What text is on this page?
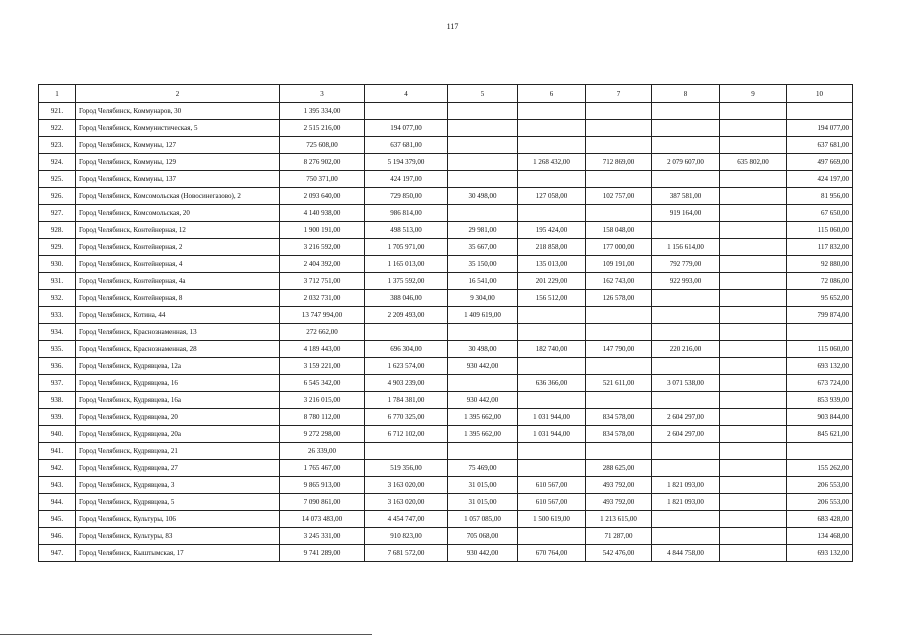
117
1	2	3	4	5	6	7	8	9	10
921.	Город Челябинск, Коммунаров, 30	1 395 334,00							
922.	Город Челябинск, Коммунистическая, 5	2 515 216,00	194 077,00						194 077,00
923.	Город Челябинск, Коммуны, 127	725 608,00	637 681,00						637 681,00
924.	Город Челябинск, Коммуны, 129	8 276 902,00	5 194 379,00		1 268 432,00	712 869,00	2 079 607,00	635 802,00	497 669,00
925.	Город Челябинск, Коммуны, 137	750 371,00	424 197,00						424 197,00
926.	Город Челябинск, Комсомольская (Новосинегазово), 2	2 093 640,00	729 850,00	30 498,00	127 058,00	102 757,00	387 581,00		81 956,00
927.	Город Челябинск, Комсомольская, 20	4 140 938,00	986 814,00				919 164,00		67 650,00
928.	Город Челябинск, Контейнерная, 12	1 900 191,00	498 513,00	29 981,00	195 424,00	158 048,00			115 060,00
929.	Город Челябинск, Контейнерная, 2	3 216 592,00	1 705 971,00	35 667,00	218 858,00	177 000,00	1 156 614,00		117 832,00
930.	Город Челябинск, Контейнерная, 4	2 404 392,00	1 165 013,00	35 150,00	135 013,00	109 191,00	792 779,00		92 880,00
931.	Город Челябинск, Контейнерная, 4а	3 712 751,00	1 375 592,00	16 541,00	201 229,00	162 743,00	922 993,00		72 086,00
932.	Город Челябинск, Контейнерная, 8	2 032 731,00	388 046,00	9 304,00	156 512,00	126 578,00			95 652,00
933.	Город Челябинск, Котина, 44	13 747 994,00	2 209 493,00	1 409 619,00					799 874,00
934.	Город Челябинск, Краснознаменная, 13	272 662,00							
935.	Город Челябинск, Краснознаменная, 28	4 189 443,00	696 304,00	30 498,00	182 740,00	147 790,00	220 216,00		115 060,00
936.	Город Челябинск, Кудрявцева, 12а	3 159 221,00	1 623 574,00	930 442,00					693 132,00
937.	Город Челябинск, Кудрявцева, 16	6 545 342,00	4 903 239,00		636 366,00	521 611,00	3 071 538,00		673 724,00
938.	Город Челябинск, Кудрявцева, 16а	3 216 015,00	1 784 381,00	930 442,00					853 939,00
939.	Город Челябинск, Кудрявцева, 20	8 780 112,00	6 770 325,00	1 395 662,00	1 031 944,00	834 578,00	2 604 297,00		903 844,00
940.	Город Челябинск, Кудрявцева, 20а	9 272 298,00	6 712 102,00	1 395 662,00	1 031 944,00	834 578,00	2 604 297,00		845 621,00
941.	Город Челябинск, Кудрявцева, 21	26 339,00							
942.	Город Челябинск, Кудрявцева, 27	1 765 467,00	519 356,00	75 469,00		288 625,00			155 262,00
943.	Город Челябинск, Кудрявцева, 3	9 865 913,00	3 163 020,00	31 015,00	610 567,00	493 792,00	1 821 093,00		206 553,00
944.	Город Челябинск, Кудрявцева, 5	7 090 861,00	3 163 020,00	31 015,00	610 567,00	493 792,00	1 821 093,00		206 553,00
945.	Город Челябинск, Культуры, 106	14 073 483,00	4 454 747,00	1 057 085,00	1 500 619,00	1 213 615,00			683 428,00
946.	Город Челябинск, Культуры, 83	3 245 331,00	910 823,00	705 068,00		71 287,00			134 468,00
947.	Город Челябинск, Кыштымская, 17	9 741 289,00	7 681 572,00	930 442,00	670 764,00	542 476,00	4 844 758,00		693 132,00
